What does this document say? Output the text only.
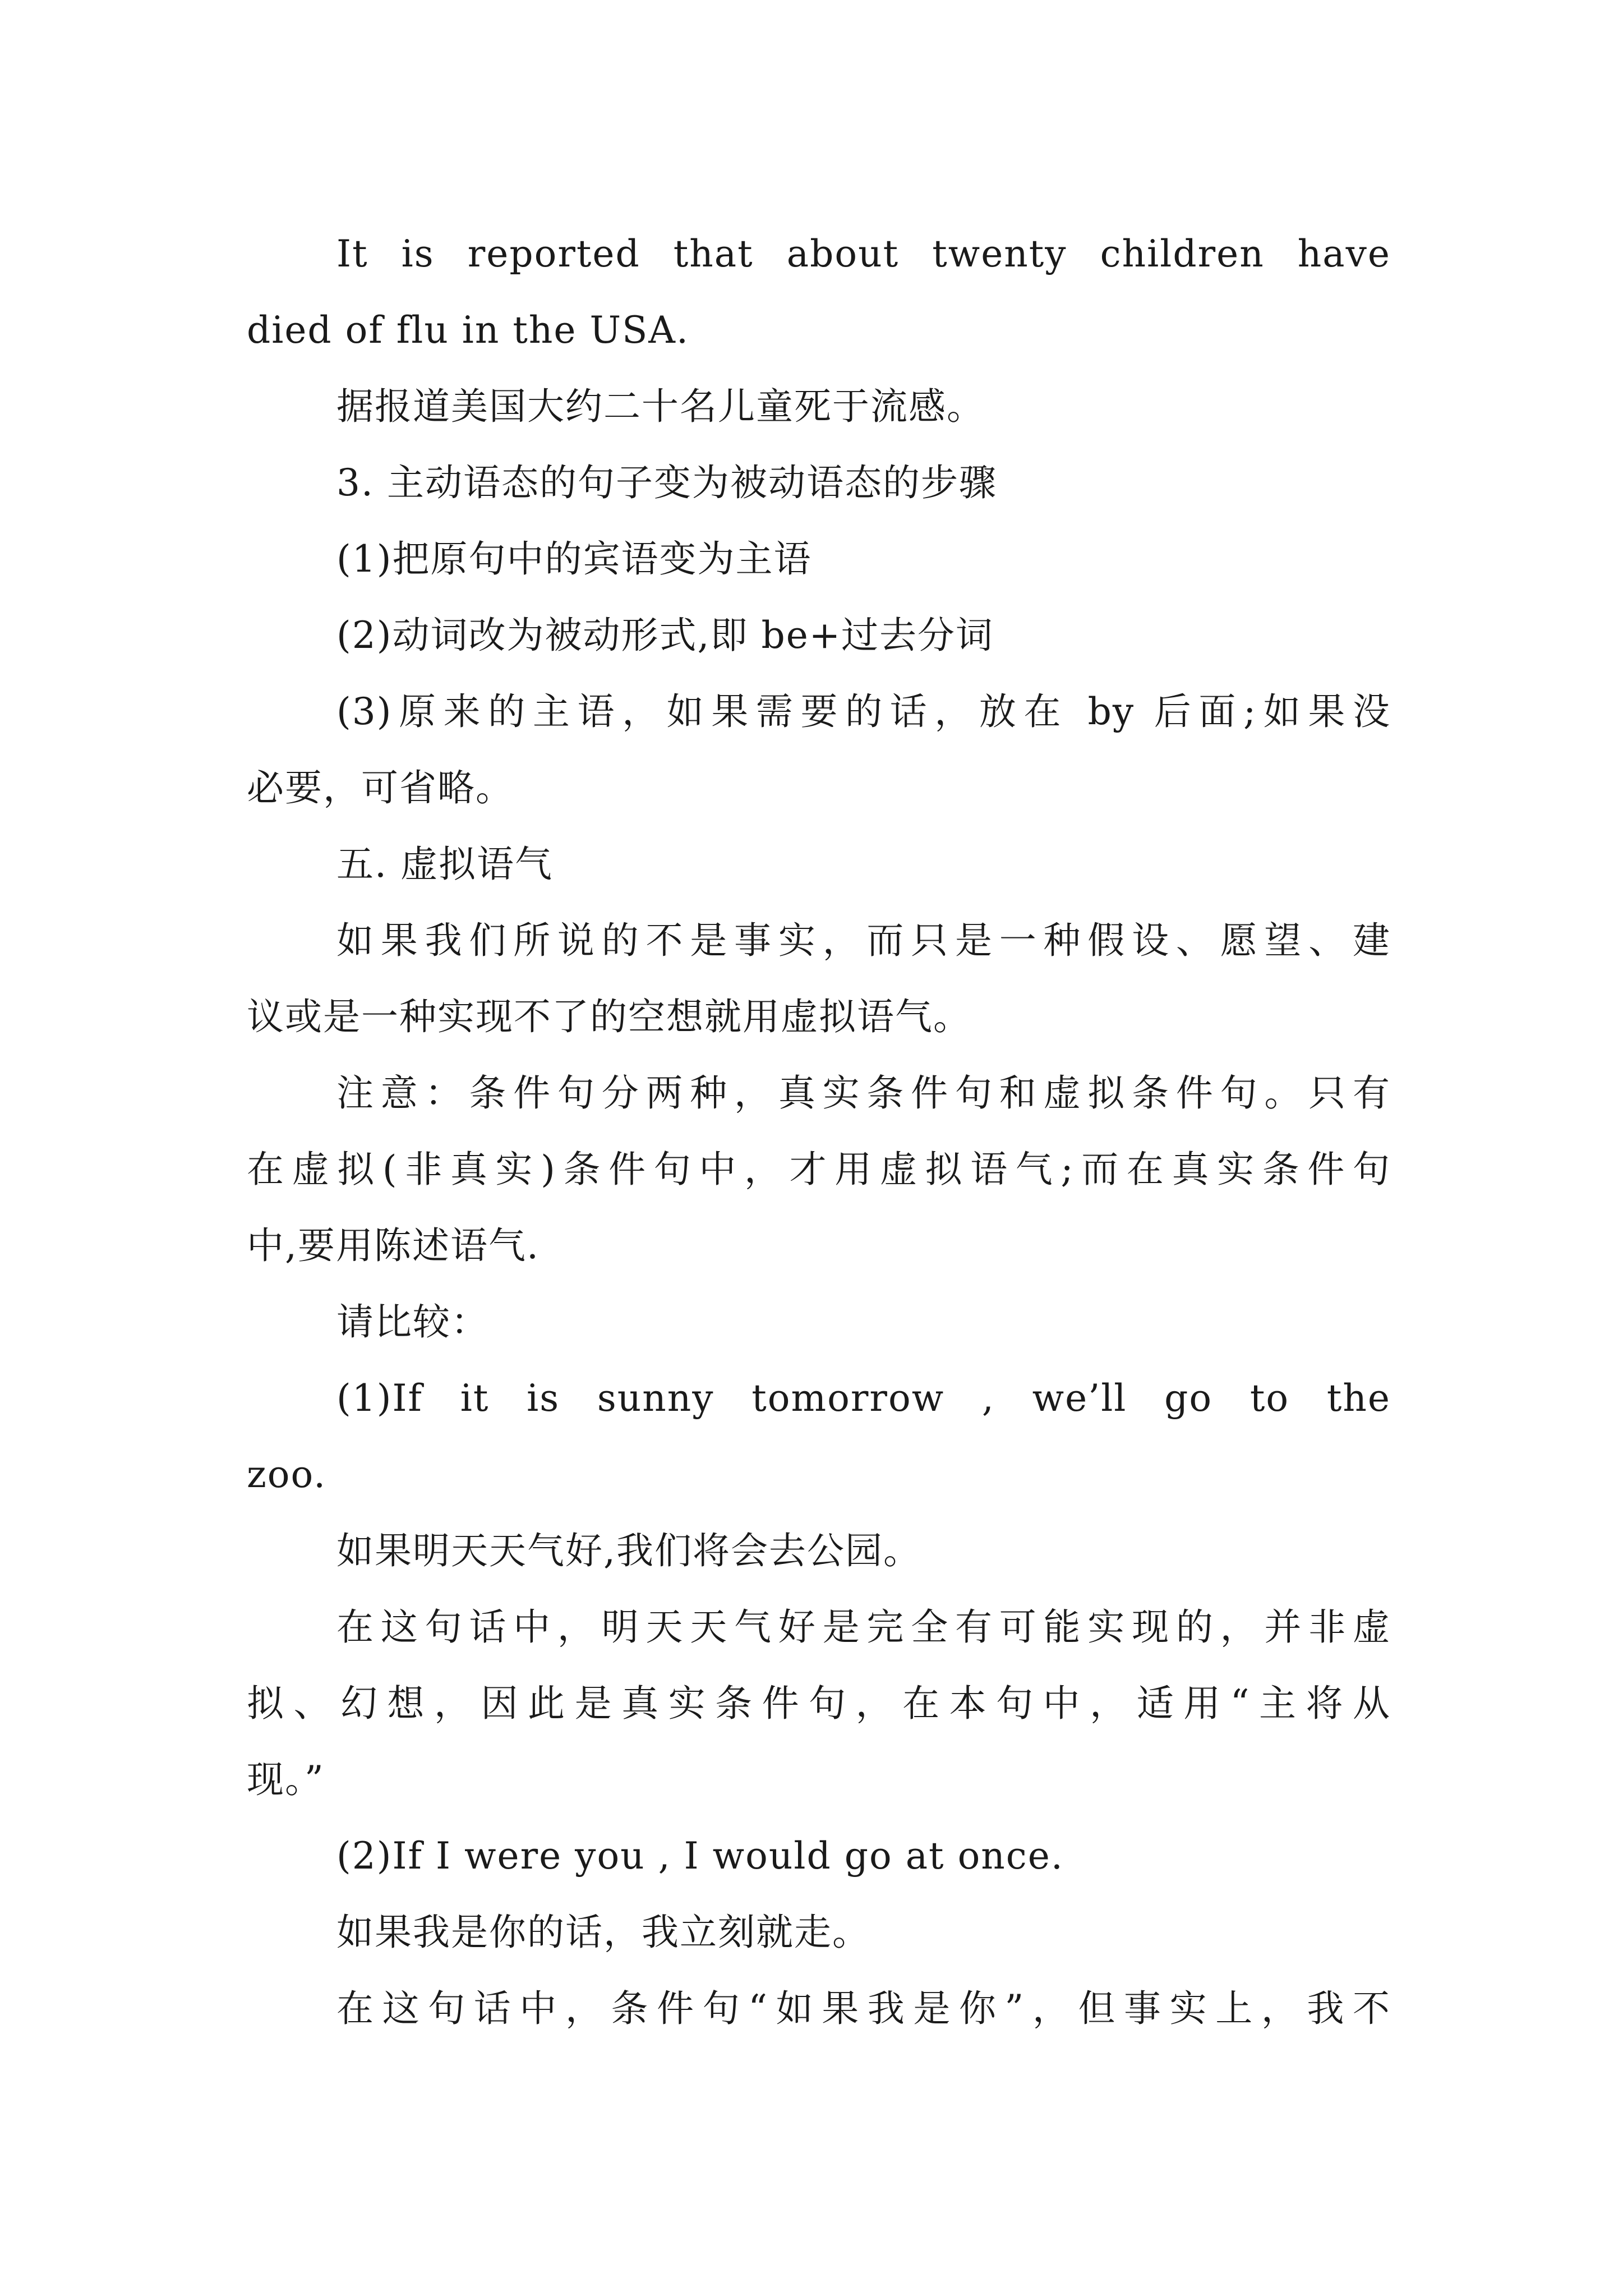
It is reported that about twenty children have
died of flu in the USA.
据报道美国大约二十名儿童死于流感。
3. 主动语态的句子变为被动语态的步骤
(1)把原句中的宾语变为主语
(2)动词改为被动形式,即 be+过去分词
(3)原来的主语，如果需要的话，放在 by 后面;如果没
必要，可省略。
五. 虚拟语气
如果我们所说的不是事实，而只是一种假设、愿望、建
议或是一种实现不了的空想就用虚拟语气。
注意：条件句分两种，真实条件句和虚拟条件句。只有
在虚拟(非真实)条件句中，才用虚拟语气;而在真实条件句
中,要用陈述语气.
请比较：
(1)If it is sunny tomorrow , we’ll go to the
zoo.
如果明天天气好,我们将会去公园。
在这句话中，明天天气好是完全有可能实现的，并非虚
拟、幻想，因此是真实条件句，在本句中，适用“主将从
现。”
(2)If I were you , I would go at once.
如果我是你的话，我立刻就走。
在这句话中，条件句“如果我是你”，但事实上，我不
